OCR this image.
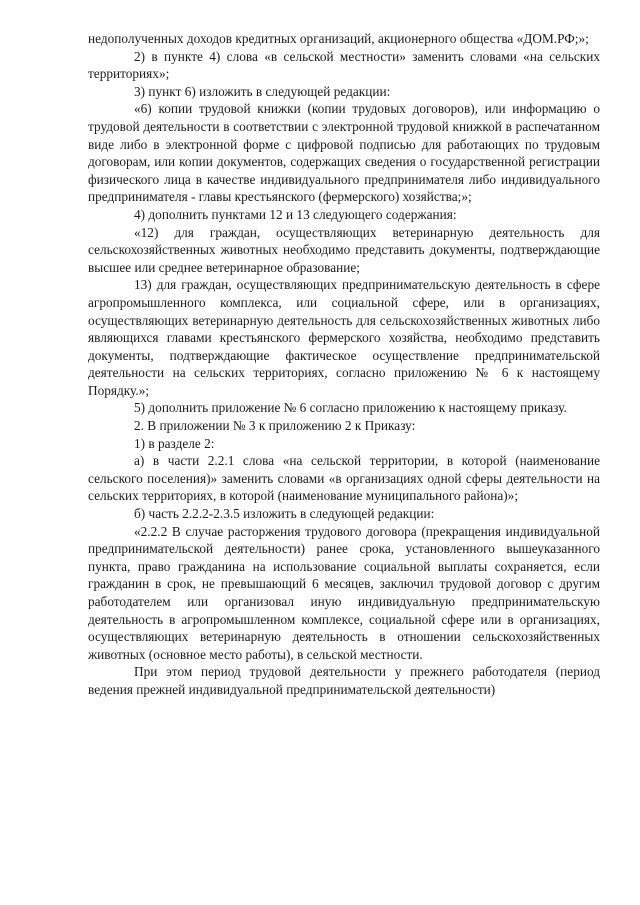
недополученных доходов кредитных организаций, акционерного общества «ДОМ.РФ;»;

2) в пункте 4) слова «в сельской местности» заменить словами «на сельских территориях»;

3) пункт 6) изложить в следующей редакции:

«6) копии трудовой книжки (копии трудовых договоров), или информацию о трудовой деятельности в соответствии с электронной трудовой книжкой в распечатанном виде либо в электронной форме с цифровой подписью для работающих по трудовым договорам, или копии документов, содержащих сведения о государственной регистрации физического лица в качестве индивидуального предпринимателя либо индивидуального предпринимателя - главы крестьянского (фермерского) хозяйства;»;

4) дополнить пунктами 12 и 13 следующего содержания:

«12) для граждан, осуществляющих ветеринарную деятельность для сельскохозяйственных животных необходимо представить документы, подтверждающие высшее или среднее ветеринарное образование;

13) для граждан, осуществляющих предпринимательскую деятельность в сфере агропромышленного комплекса, или социальной сфере, или в организациях, осуществляющих ветеринарную деятельность для сельскохозяйственных животных либо являющихся главами крестьянского фермерского хозяйства, необходимо представить документы, подтверждающие фактическое осуществление предпринимательской деятельности на сельских территориях, согласно приложению № 6 к настоящему Порядку.»;

5) дополнить приложение № 6 согласно приложению к настоящему приказу.

2. В приложении № 3 к приложению 2 к Приказу:

1) в разделе 2:

а) в части 2.2.1 слова «на сельской территории, в которой (наименование сельского поселения)» заменить словами «в организациях одной сферы деятельности на сельских территориях, в которой (наименование муниципального района)»;

б) часть 2.2.2-2.3.5 изложить в следующей редакции:

«2.2.2 В случае расторжения трудового договора (прекращения индивидуальной предпринимательской деятельности) ранее срока, установленного вышеуказанного пункта, право гражданина на использование социальной выплаты сохраняется, если гражданин в срок, не превышающий 6 месяцев, заключил трудовой договор с другим работодателем или организовал иную индивидуальную предпринимательскую деятельность в агропромышленном комплексе, социальной сфере или в организациях, осуществляющих ветеринарную деятельность в отношении сельскохозяйственных животных (основное место работы), в сельской местности.

При этом период трудовой деятельности у прежнего работодателя (период ведения прежней индивидуальной предпринимательской деятельности)
